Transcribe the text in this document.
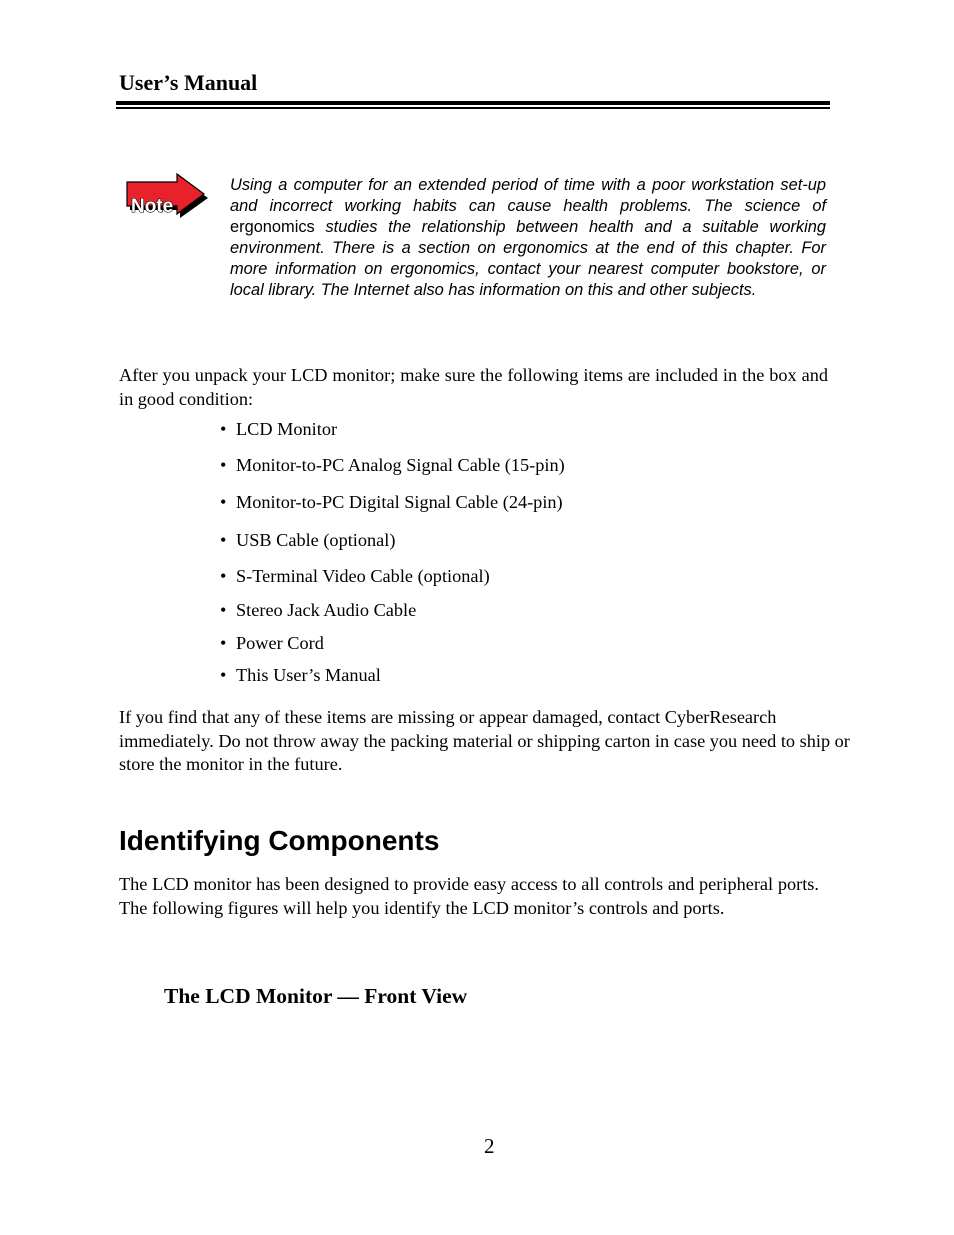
User’s Manual
Note
Using a computer for an extended period of time with a poor workstation set-up and incorrect working habits can cause health problems. The science of ergonomics studies the relationship between health and a suitable working environment. There is a section on ergonomics at the end of this chapter. For more information on ergonomics, contact your nearest computer bookstore, or local library. The Internet also has information on this and other subjects.
After you unpack your LCD monitor; make sure the following items are included in the box and in good condition:
• LCD Monitor
• Monitor-to-PC Analog Signal Cable (15-pin)
• Monitor-to-PC Digital Signal Cable (24-pin)
• USB Cable (optional)
• S-Terminal Video Cable (optional)
• Stereo Jack Audio Cable
• Power Cord
• This User’s Manual
If you find that any of these items are missing or appear damaged, contact CyberResearch immediately. Do not throw away the packing material or shipping carton in case you need to ship or store the monitor in the future.
Identifying Components
The LCD monitor has been designed to provide easy access to all controls and peripheral ports. The following figures will help you identify the LCD monitor’s controls and ports.
The LCD Monitor — Front View
2
